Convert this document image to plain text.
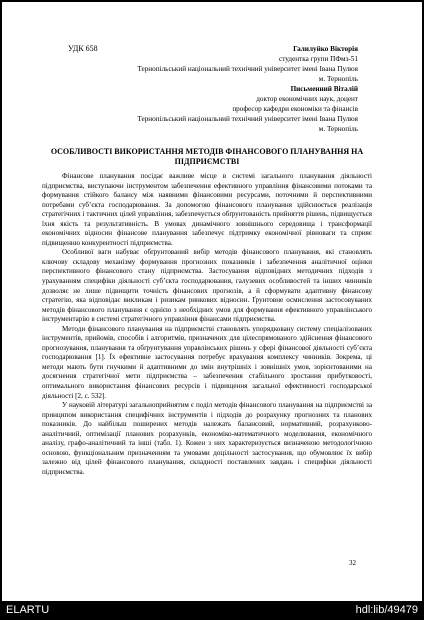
УДК 658	Галилуйко Вікторія
студентка групи ПФмз-51
Тернопільський національний технічний університет імені Івана Пулюя
м. Тернопіль
Письменний Віталій
доктор економічних наук, доцент
професор кафедри економіки та фінансів
Тернопільський національний технічний університет імені Івана Пулюя
м. Тернопіль
ОСОБЛИВОСТІ ВИКОРИСТАННЯ МЕТОДІВ ФІНАНСОВОГО ПЛАНУВАННЯ НА ПІДПРИЄМСТВІ

Фінансове планування посідає важливе місце в системі загального планування діяльності підприємства, виступаючи інструментом забезпечення ефективного управління фінансовими потоками та формування стійкого балансу між наявними фінансовими ресурсами, поточними й перспективними потребами суб’єкта господарювання. За допомогою фінансового планування здійснюється реалізація стратегічних і тактичних цілей управління, забезпечується обґрунтованість прийняття рішень, підвищується їхня якість та результативність. В умовах динамічного зовнішнього середовища і трансформації економічних відносин фінансове планування забезпечує підтримку економічної рівноваги та сприяє підвищенню конкурентності підприємства.

Особливої ваги набуває обґрунтований вибір методів фінансового планування, які становлять ключову складову механізму формування прогнозних показників і забезпечення аналітичної оцінки перспективного фінансового стану підприємства. Застосування відповідних методичних підходів з урахуванням специфіки діяльності суб’єкта господарювання, галузевих особливостей та інших чинників дозволяє не лише підвищити точність фінансових прогнозів, а й сформувати адаптивну фінансову стратегію, яка відповідає викликам і ризикам ринкових відносин. Ґрунтовне осмислення застосовуваних методів фінансового планування є однією з необхідних умов для формування ефективного управлінського інструментарію в системі стратегічного управління фінансами підприємства.

Методи фінансового планування на підприємстві становлять упорядковану систему спеціалізованих інструментів, прийомів, способів і алгоритмів, призначених для цілеспрямованого здійснення фінансового прогнозування, планування та обґрунтування управлінських рішень у сфері фінансової діяльності суб’єкта господарювання [1]. Їх ефективне застосування потребує врахування комплексу чинників. Зокрема, ці методи мають бути гнучкими й адаптивними до змін внутрішніх і зовнішніх умов, зорієнтованими на досягнення стратегічної мети підприємства – забезпечення стабільного зростання прибутковості, оптимального використання фінансових ресурсів і підвищення загальної ефективності господарської діяльності [2, с. 532].

У науковій літературі загальноприйнятим є поділ методів фінансового планування на підприємстві за принципом використання специфічних інструментів і підходів до розрахунку прогнозних та планових показників. До найбільш поширених методів належать балансовий, нормативний, розрахунково-аналітичний, оптимізації планових розрахунків, економіко-математичного моделювання, економічного аналізу, графо-аналітичний та інші (табл. 1). Кожен з них характеризується визначеною методологічною основою, функціональним призначенням та умовами доцільності застосування, що обумовлює їх вибір залежно від цілей фінансового планування, складності поставлених завдань і специфіки діяльності підприємства.

32
ELARTU	hdl:lib/49479
